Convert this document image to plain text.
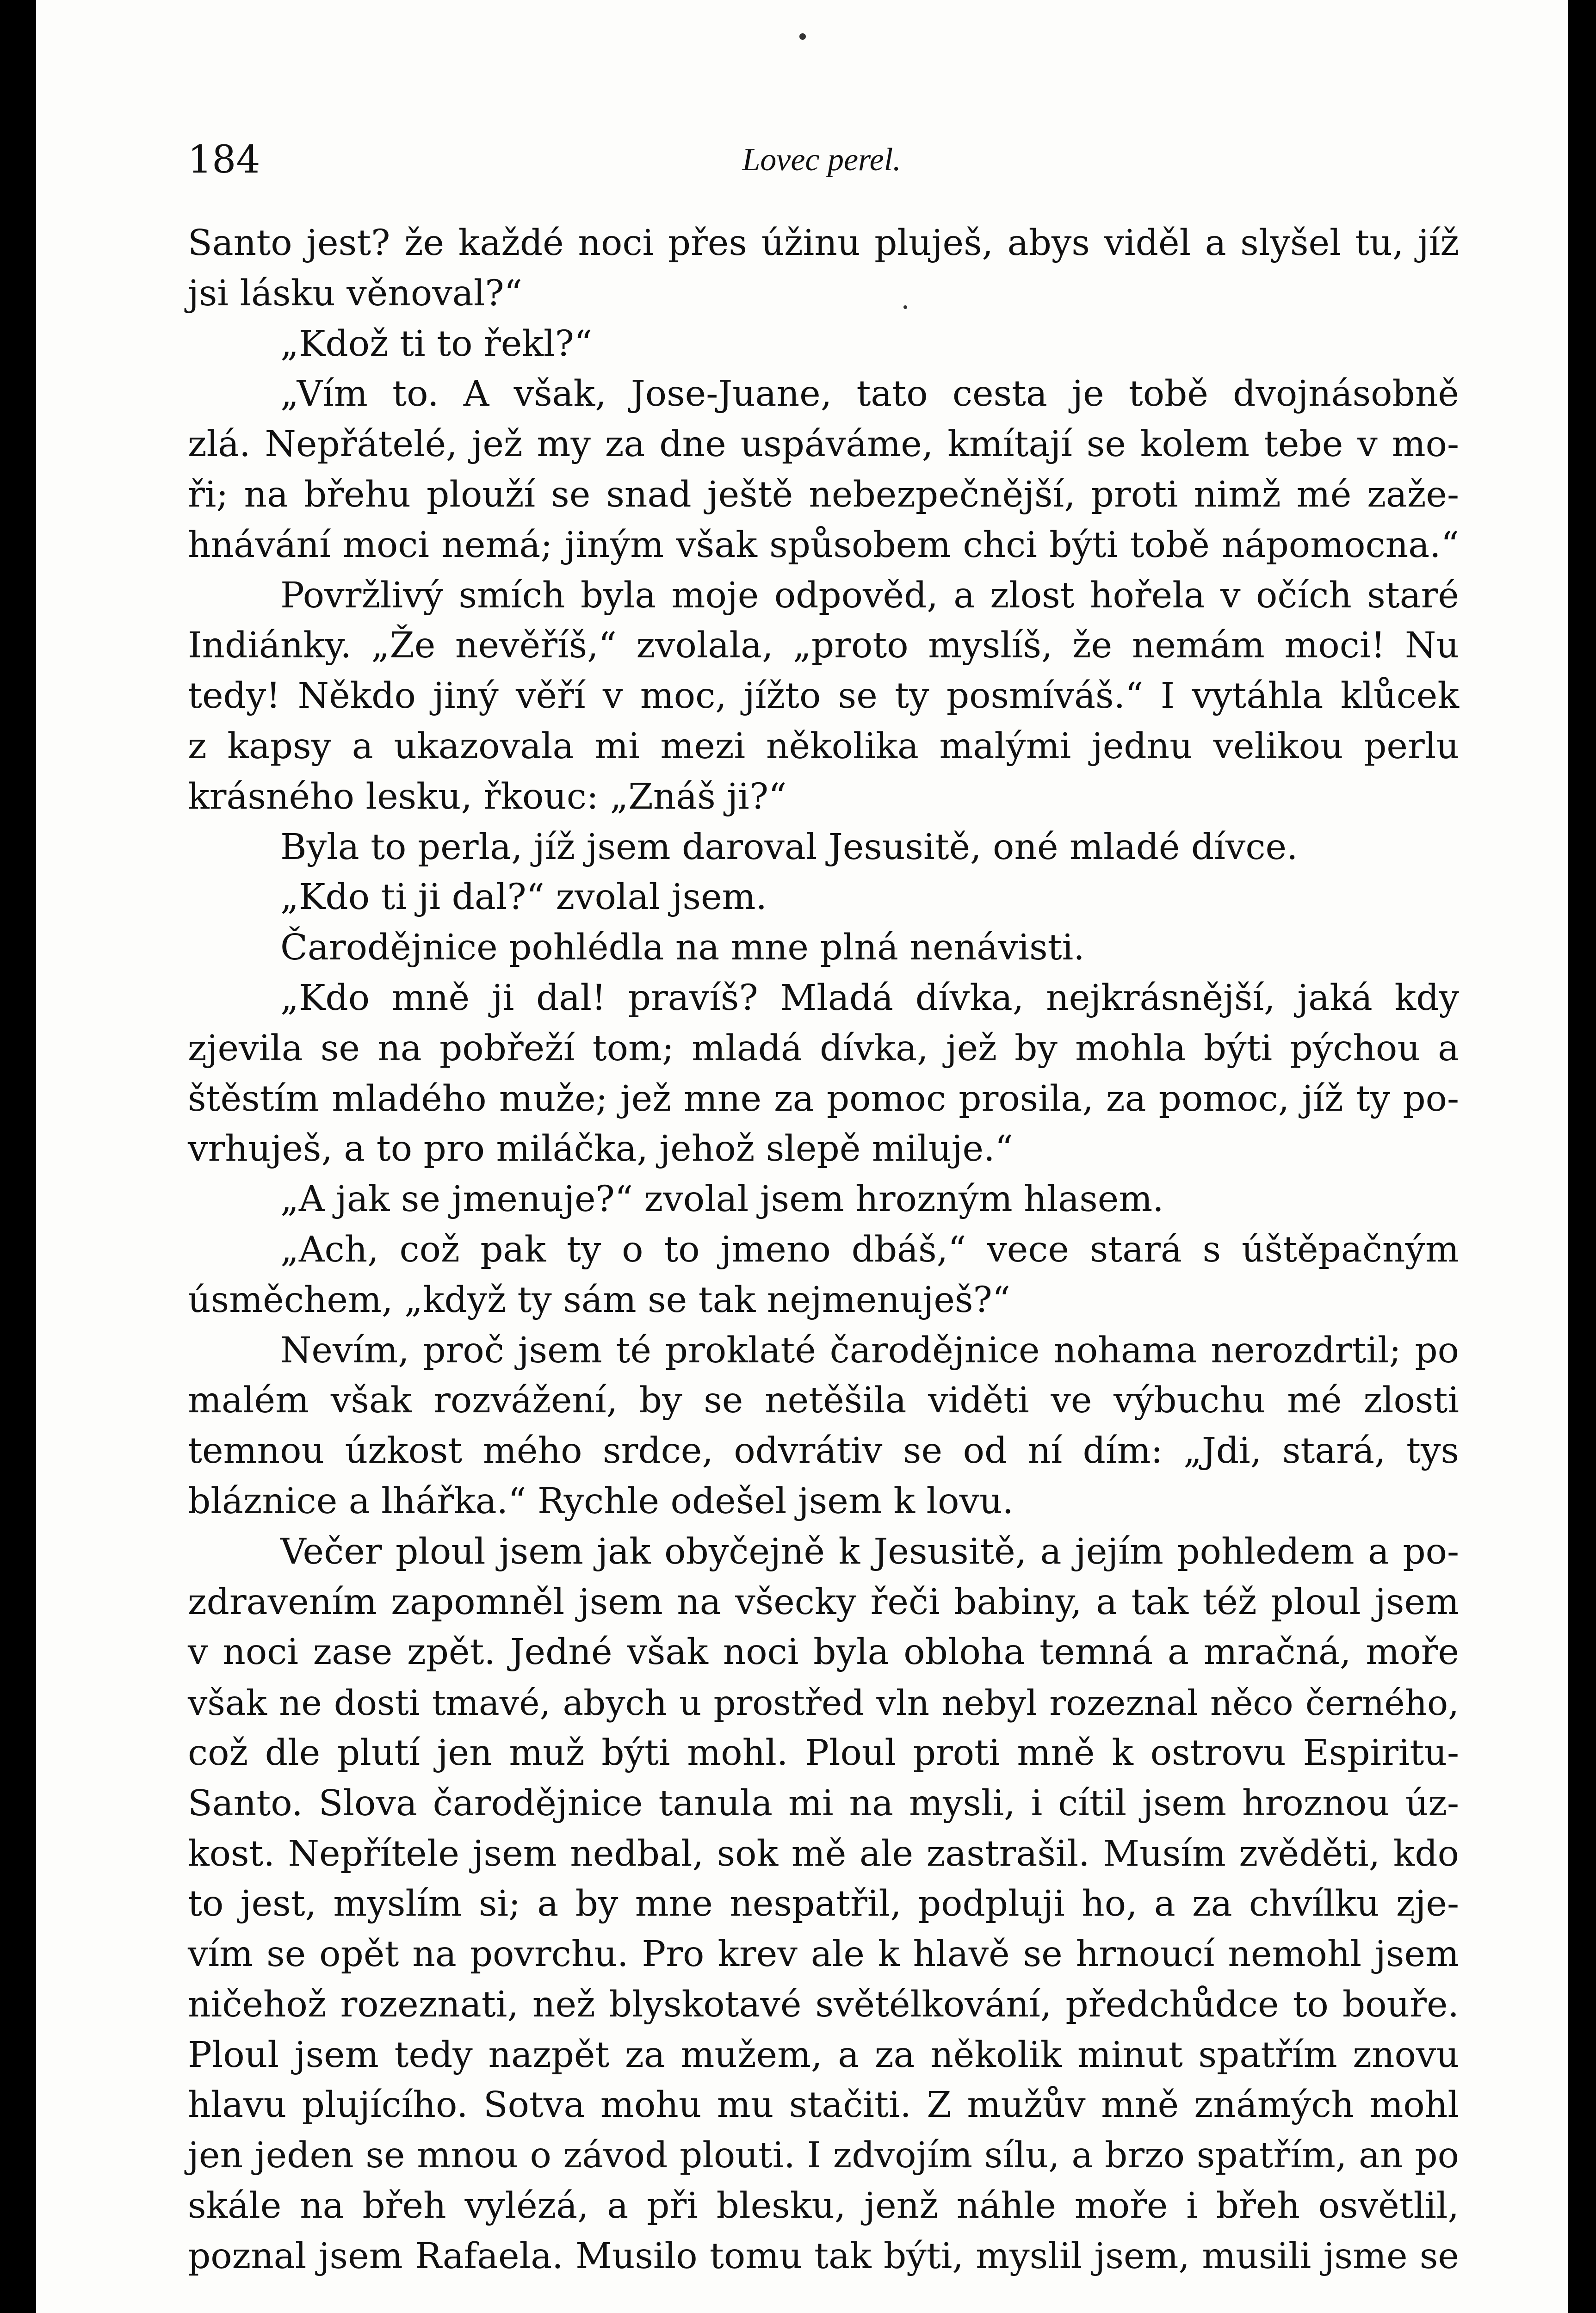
184	Lovec perel.
Santo jest? že každé noci přes úžinu pluješ, abys viděl a slyšel tu, jíž
jsi lásku věnoval?“
„Kdož ti to řekl?“
„Vím to. A však, Jose-Juane, tato cesta je tobě dvojnásobně
zlá. Nepřátelé, jež my za dne uspáváme, kmítají se kolem tebe v mo-
ři; na břehu plouží se snad ještě nebezpečnější, proti nimž mé zaže-
hnávání moci nemá; jiným však spůsobem chci býti tobě nápomocna.“
Povržlivý smích byla moje odpověd, a zlost hořela v očích staré
Indiánky. „Že nevěříš,“ zvolala, „proto myslíš, že nemám moci! Nu
tedy! Někdo jiný věří v moc, jížto se ty posmíváš.“ I vytáhla klůcek
z kapsy a ukazovala mi mezi několika malými jednu velikou perlu
krásného lesku, řkouc: „Znáš ji?“
Byla to perla, jíž jsem daroval Jesusitě, oné mladé dívce.
„Kdo ti ji dal?“ zvolal jsem.
Čarodějnice pohlédla na mne plná nenávisti.
„Kdo mně ji dal! pravíš? Mladá dívka, nejkrásnější, jaká kdy
zjevila se na pobřeží tom; mladá dívka, jež by mohla býti pýchou a
štěstím mladého muže; jež mne za pomoc prosila, za pomoc, jíž ty po-
vrhuješ, a to pro miláčka, jehož slepě miluje.“
„A jak se jmenuje?“ zvolal jsem hrozným hlasem.
„Ach, což pak ty o to jmeno dbáš,“ vece stará s úštěpačným
úsměchem, „když ty sám se tak nejmenuješ?“
Nevím, proč jsem té proklaté čarodějnice nohama nerozdrtil; po
malém však rozvážení, by se netěšila viděti ve výbuchu mé zlosti
temnou úzkost mého srdce, odvrátiv se od ní dím: „Jdi, stará, tys
bláznice a lhářka.“ Rychle odešel jsem k lovu.
Večer ploul jsem jak obyčejně k Jesusitě, a jejím pohledem a po-
zdravením zapomněl jsem na všecky řeči babiny, a tak též ploul jsem
v noci zase zpět. Jedné však noci byla obloha temná a mračná, moře
však ne dosti tmavé, abych u prostřed vln nebyl rozeznal něco černého,
což dle plutí jen muž býti mohl. Ploul proti mně k ostrovu Espiritu-
Santo. Slova čarodějnice tanula mi na mysli, i cítil jsem hroznou úz-
kost. Nepřítele jsem nedbal, sok mě ale zastrašil. Musím zvěděti, kdo
to jest, myslím si; a by mne nespatřil, podpluji ho, a za chvílku zje-
vím se opět na povrchu. Pro krev ale k hlavě se hrnoucí nemohl jsem
ničehož rozeznati, než blyskotavé světélkování, předchůdce to bouře.
Ploul jsem tedy nazpět za mužem, a za několik minut spatřím znovu
hlavu plujícího. Sotva mohu mu stačiti. Z mužův mně známých mohl
jen jeden se mnou o závod plouti. I zdvojím sílu, a brzo spatřím, an po
skále na břeh vylézá, a při blesku, jenž náhle moře i břeh osvětlil,
poznal jsem Rafaela. Musilo tomu tak býti, myslil jsem, musili jsme se
